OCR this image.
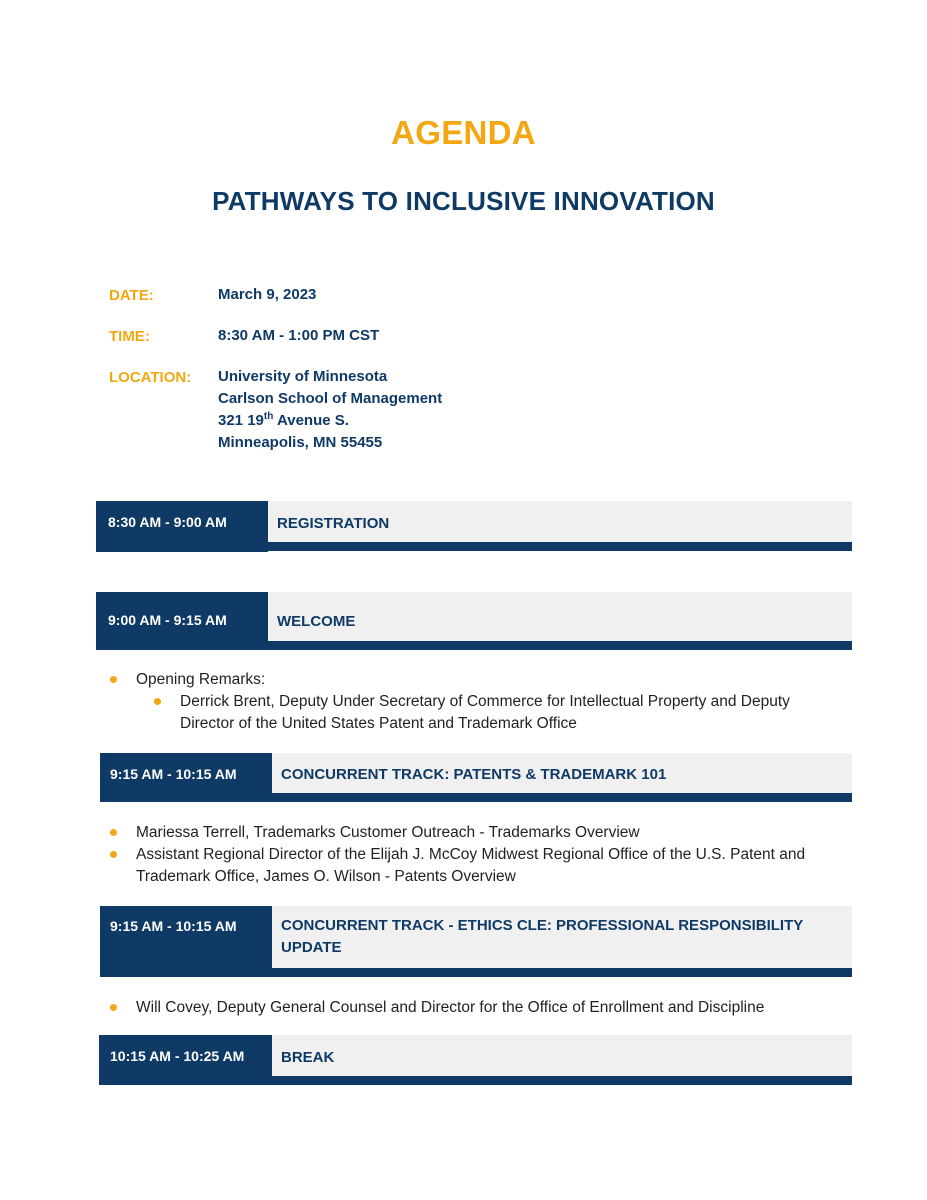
AGENDA
PATHWAYS TO INCLUSIVE INNOVATION
DATE:	March 9, 2023
TIME:	8:30 AM - 1:00 PM CST
LOCATION: University of Minnesota
Carlson School of Management
321 19th Avenue S.
Minneapolis, MN 55455
8:30 AM - 9:00 AM	REGISTRATION
9:00 AM - 9:15 AM	WELCOME
Opening Remarks:
Derrick Brent, Deputy Under Secretary of Commerce for Intellectual Property and Deputy
Director of the United States Patent and Trademark Office
9:15 AM - 10:15 AM	CONCURRENT TRACK: PATENTS & TRADEMARK 101
Mariessa Terrell, Trademarks Customer Outreach - Trademarks Overview
Assistant Regional Director of the Elijah J. McCoy Midwest Regional Office of the U.S. Patent and
Trademark Office, James O. Wilson - Patents Overview
9:15 AM - 10:15 AM	CONCURRENT TRACK - ETHICS CLE: PROFESSIONAL RESPONSIBILITY
UPDATE
Will Covey, Deputy General Counsel and Director for the Office of Enrollment and Discipline
10:15 AM - 10:25 AM	BREAK
